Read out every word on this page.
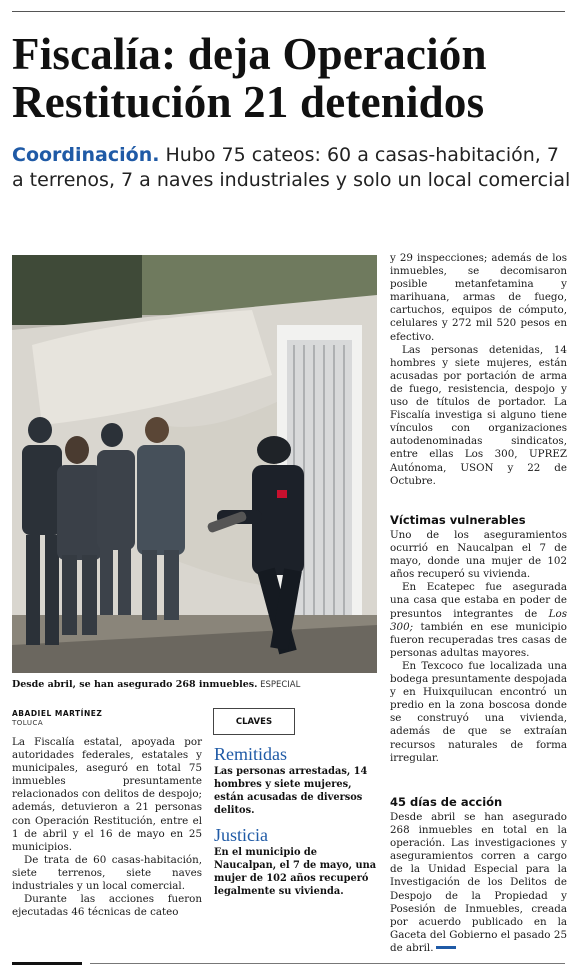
Fiscalía: deja Operación
Restitución 21 detenidos
Coordinación. Hubo 75 cateos: 60 a casas-habitación, 7 a terrenos, 7 a naves industriales y solo un local comercial
Desde abril, se han asegurado 268 inmuebles. ESPECIAL
ABADIEL MARTÍNEZ
TOLUCA

La Fiscalía estatal, apoyada por autoridades federales, estatales y municipales, aseguró en total 75 inmuebles presuntamente relacionados con delitos de despojo; además, detuvieron a 21 personas con Operación Restitución, entre el 1 de abril y el 16 de mayo en 25 municipios.

De trata de 60 casas-habitación, siete terrenos, siete naves industriales y un local comercial.

Durante las acciones fueron ejecutadas 46 técnicas de cateo

CLAVES
Remitidas
Las personas arrestadas, 14 hombres y siete mujeres, están acusadas de diversos delitos.
Justicia
En el municipio de Naucalpan, el 7 de mayo, una mujer de 102 años recuperó legalmente su vivienda.

y 29 inspecciones; además de los inmuebles, se decomisaron posible metanfetamina y marihuana, armas de fuego, cartuchos, equipos de cómputo, celulares y 272 mil 520 pesos en efectivo.

Las personas detenidas, 14 hombres y siete mujeres, están acusadas por portación de arma de fuego, resistencia, despojo y uso de títulos de portador. La Fiscalía investiga si alguno tiene vínculos con organizaciones autodenominadas sindicatos, entre ellas Los 300, UPREZ Autónoma, USON y 22 de Octubre.

Víctimas vulnerables

Uno de los aseguramientos ocurrió en Naucalpan el 7 de mayo, donde una mujer de 102 años recuperó su vivienda.

En Ecatepec fue asegurada una casa que estaba en poder de presuntos integrantes de Los 300; también en ese municipio fueron recuperadas tres casas de personas adultas mayores.

En Texcoco fue localizada una bodega presuntamente despojada y en Huixquilucan encontró un predio en la zona boscosa donde se construyó una vivienda, además de que se extraían recursos naturales de forma irregular.

45 días de acción

Desde abril se han asegurado 268 inmuebles en total en la operación. Las investigaciones y aseguramientos corren a cargo de la Unidad Especial para la Investigación de los Delitos de Despojo de la Propiedad y Posesión de Inmuebles, creada por acuerdo publicado en la Gaceta del Gobierno el pasado 25 de abril.
